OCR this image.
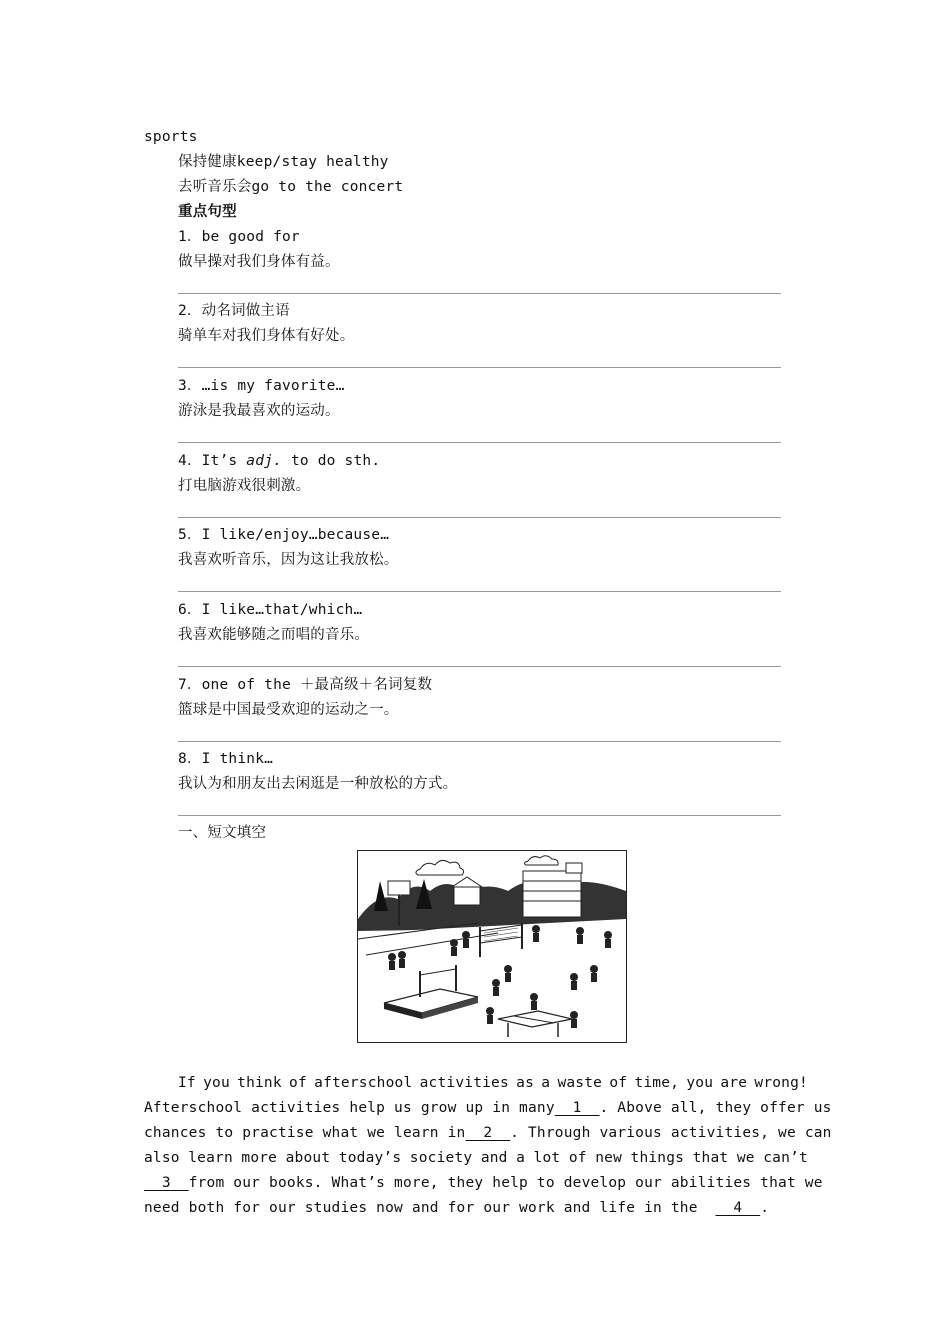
sports
保持健康keep/stay healthy
去听音乐会go to the concert
重点句型
1．be good for
做早操对我们身体有益。
2．动名词做主语
骑单车对我们身体有好处。
3．…is my favorite…
游泳是我最喜欢的运动。
4．It’s adj. to do sth.
打电脑游戏很刺激。
5．I like/enjoy…because…
我喜欢听音乐，因为这让我放松。
6．I like…that/which…
我喜欢能够随之而唱的音乐。
7．one of the ＋最高级＋名词复数
篮球是中国最受欢迎的运动之一。
8．I think…
我认为和朋友出去闲逛是一种放松的方式。
一、短文填空
If you think of afterschool activities as a waste of time, you are wrong!
Afterschool activities help us grow up in many __1__. Above all, they offer us
chances to practise what we learn in __2__. Through various activities, we can
also learn more about today’s society and a lot of new things that we can’t
__3__ from our books. What’s more, they help to develop our abilities that we
need both for our studies now and for our work and life in the
__4__ .
